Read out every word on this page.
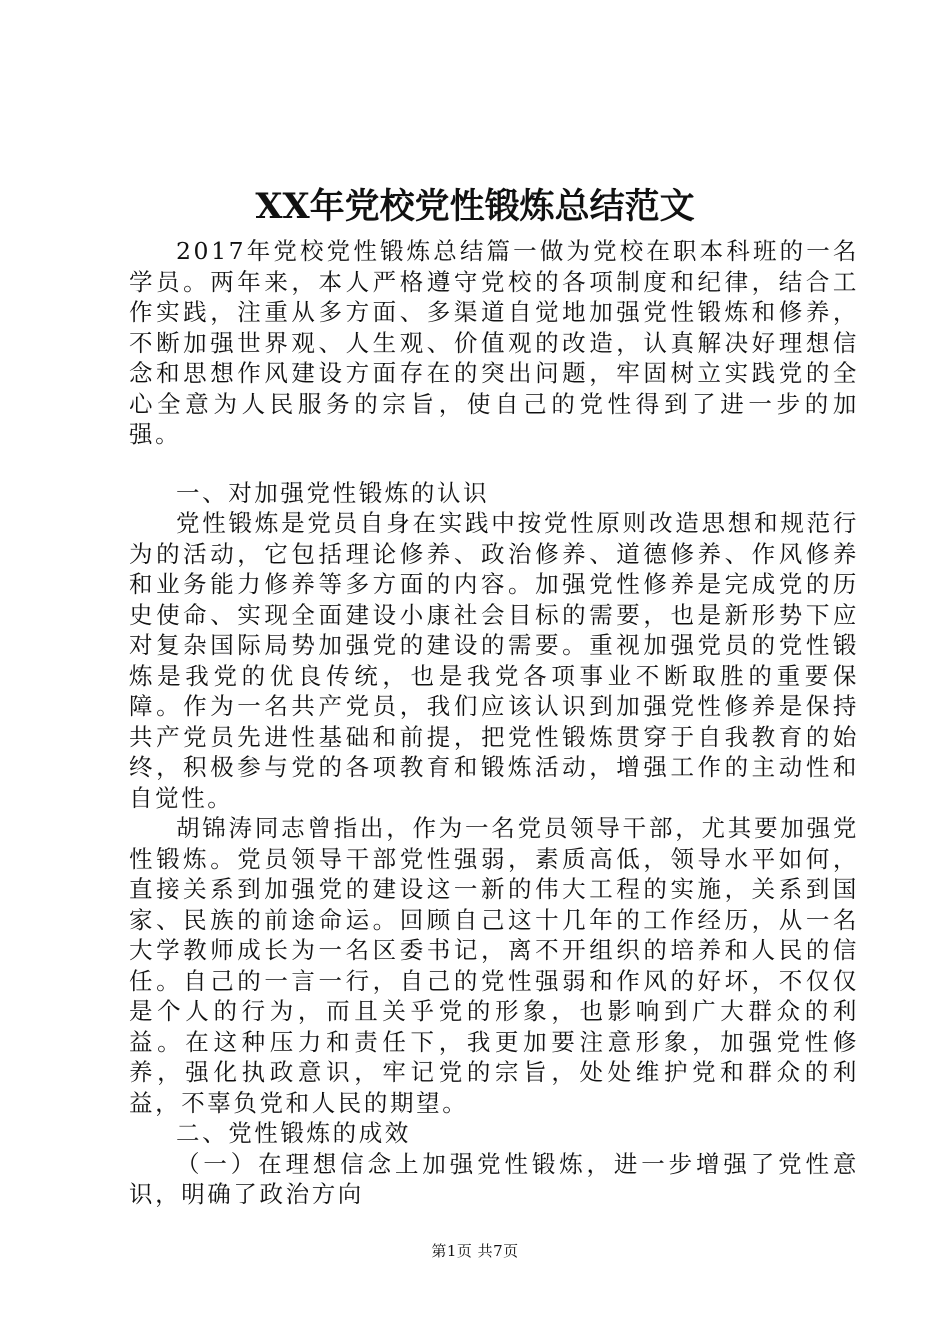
XX年党校党性锻炼总结范文

2017年党校党性锻炼总结篇一做为党校在职本科班的一名学员。两年来，本人严格遵守党校的各项制度和纪律，结合工作实践，注重从多方面、多渠道自觉地加强党性锻炼和修养，不断加强世界观、人生观、价值观的改造，认真解决好理想信念和思想作风建设方面存在的突出问题，牢固树立实践党的全心全意为人民服务的宗旨，使自己的党性得到了进一步的加强。

一、对加强党性锻炼的认识

党性锻炼是党员自身在实践中按党性原则改造思想和规范行为的活动，它包括理论修养、政治修养、道德修养、作风修养和业务能力修养等多方面的内容。加强党性修养是完成党的历史使命、实现全面建设小康社会目标的需要，也是新形势下应对复杂国际局势加强党的建设的需要。重视加强党员的党性锻炼是我党的优良传统，也是我党各项事业不断取胜的重要保障。作为一名共产党员，我们应该认识到加强党性修养是保持共产党员先进性基础和前提，把党性锻炼贯穿于自我教育的始终，积极参与党的各项教育和锻炼活动，增强工作的主动性和自觉性。

胡锦涛同志曾指出，作为一名党员领导干部，尤其要加强党性锻炼。党员领导干部党性强弱，素质高低，领导水平如何，直接关系到加强党的建设这一新的伟大工程的实施，关系到国家、民族的前途命运。回顾自己这十几年的工作经历，从一名大学教师成长为一名区委书记，离不开组织的培养和人民的信任。自己的一言一行，自己的党性强弱和作风的好坏，不仅仅是个人的行为，而且关乎党的形象，也影响到广大群众的利益。在这种压力和责任下，我更加要注意形象，加强党性修养，强化执政意识，牢记党的宗旨，处处维护党和群众的利益，不辜负党和人民的期望。

二、党性锻炼的成效

（一）在理想信念上加强党性锻炼，进一步增强了党性意识，明确了政治方向

第1页 共7页
